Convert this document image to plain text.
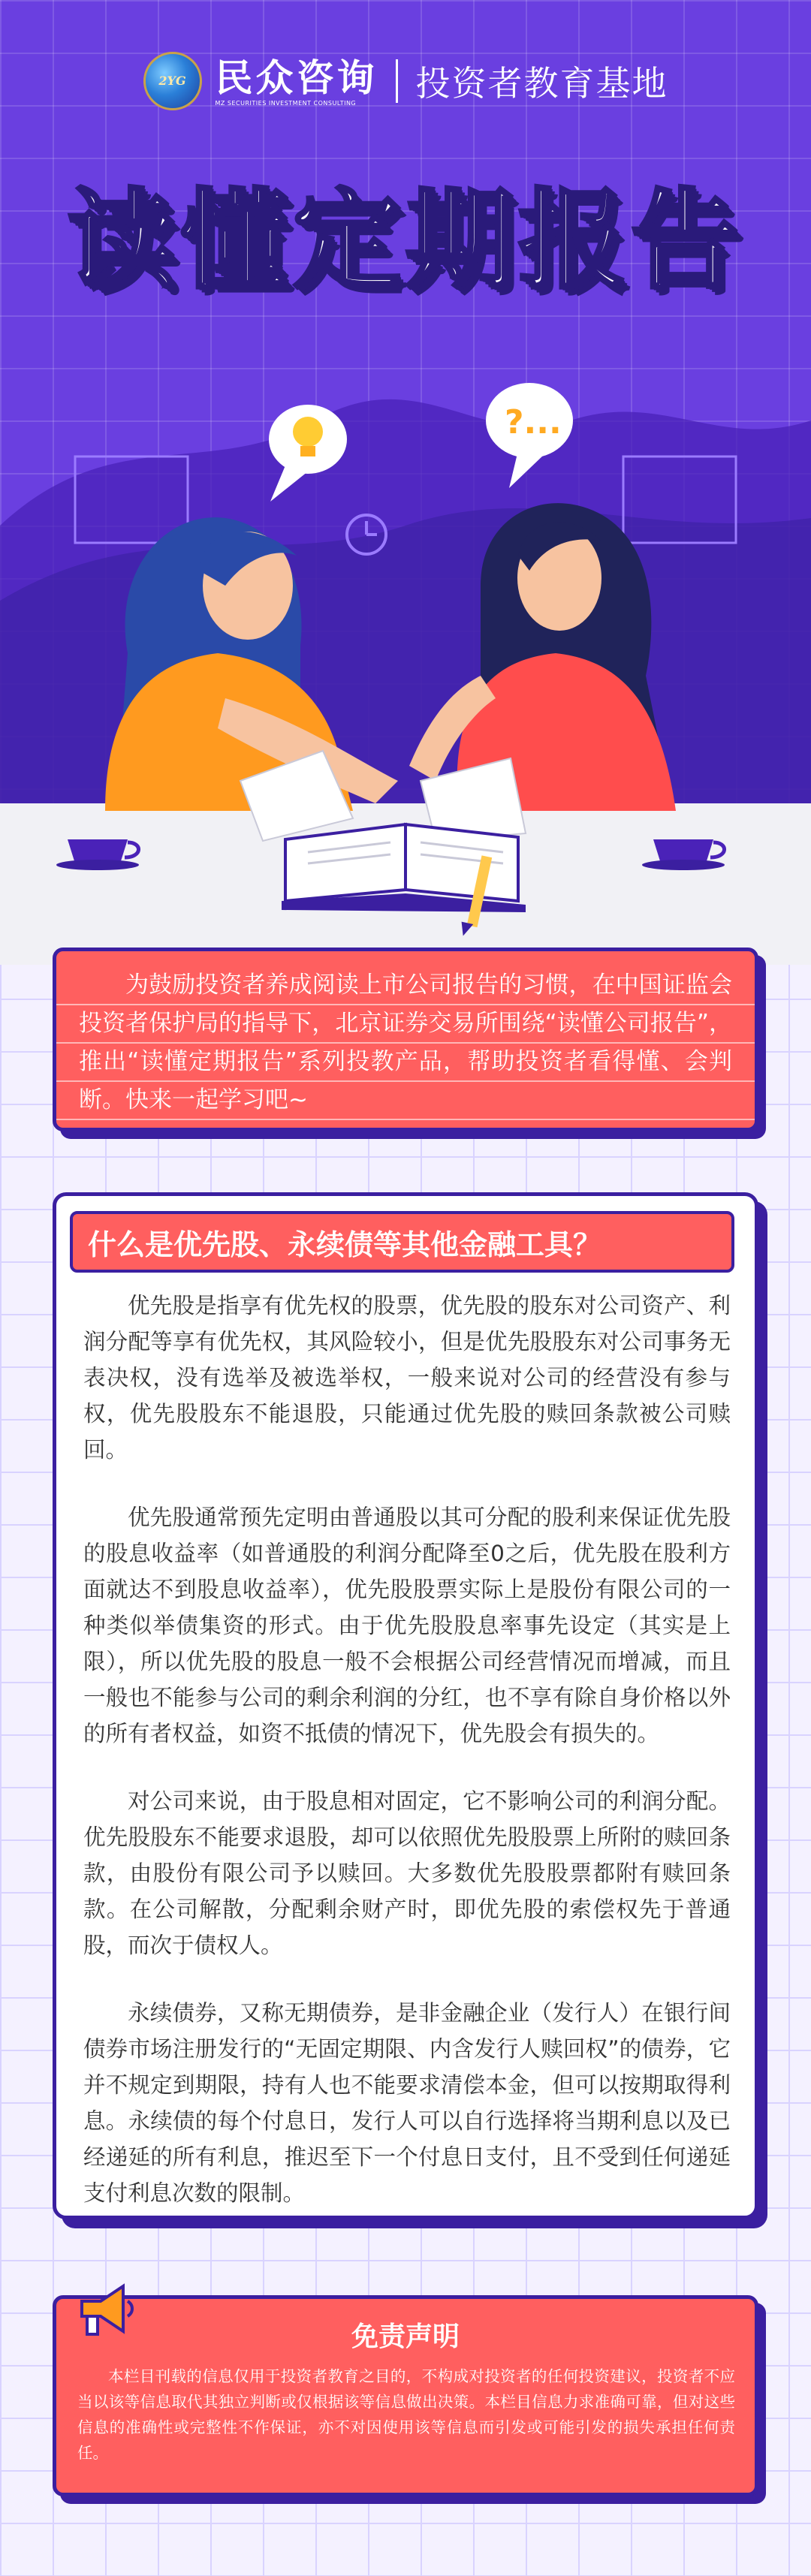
?...
2YG 民众咨询
MZ SECURITIES INVESTMENT CONSULTING	投资者教育基地
读懂定期报告

为鼓励投资者养成阅读上市公司报告的习惯，在中国证监会投资者保护局的指导下，北京证券交易所围绕“读懂公司报告”，推出“读懂定期报告”系列投教产品，帮助投资者看得懂、会判断。快来一起学习吧~

什么是优先股、永续债等其他金融工具？

优先股是指享有优先权的股票，优先股的股东对公司资产、利润分配等享有优先权，其风险较小，但是优先股股东对公司事务无表决权，没有选举及被选举权，一般来说对公司的经营没有参与权，优先股股东不能退股，只能通过优先股的赎回条款被公司赎回。

优先股通常预先定明由普通股以其可分配的股利来保证优先股的股息收益率（如普通股的利润分配降至0之后，优先股在股利方面就达不到股息收益率），优先股股票实际上是股份有限公司的一种类似举债集资的形式。由于优先股股息率事先设定（其实是上限），所以优先股的股息一般不会根据公司经营情况而增减，而且一般也不能参与公司的剩余利润的分红，也不享有除自身价格以外的所有者权益，如资不抵债的情况下，优先股会有损失的。

对公司来说，由于股息相对固定，它不影响公司的利润分配。优先股股东不能要求退股，却可以依照优先股股票上所附的赎回条款，由股份有限公司予以赎回。大多数优先股股票都附有赎回条款。在公司解散，分配剩余财产时，即优先股的索偿权先于普通股，而次于债权人。

永续债券，又称无期债券，是非金融企业（发行人）在银行间债券市场注册发行的“无固定期限、内含发行人赎回权”的债券，它并不规定到期限，持有人也不能要求清偿本金，但可以按期取得利息。永续债的每个付息日，发行人可以自行选择将当期利息以及已经递延的所有利息，推迟至下一个付息日支付，且不受到任何递延支付利息次数的限制。

免责声明
本栏目刊载的信息仅用于投资者教育之目的，不构成对投资者的任何投资建议，投资者不应当以该等信息取代其独立判断或仅根据该等信息做出决策。本栏目信息力求准确可靠，但对这些信息的准确性或完整性不作保证，亦不对因使用该等信息而引发或可能引发的损失承担任何责任。
